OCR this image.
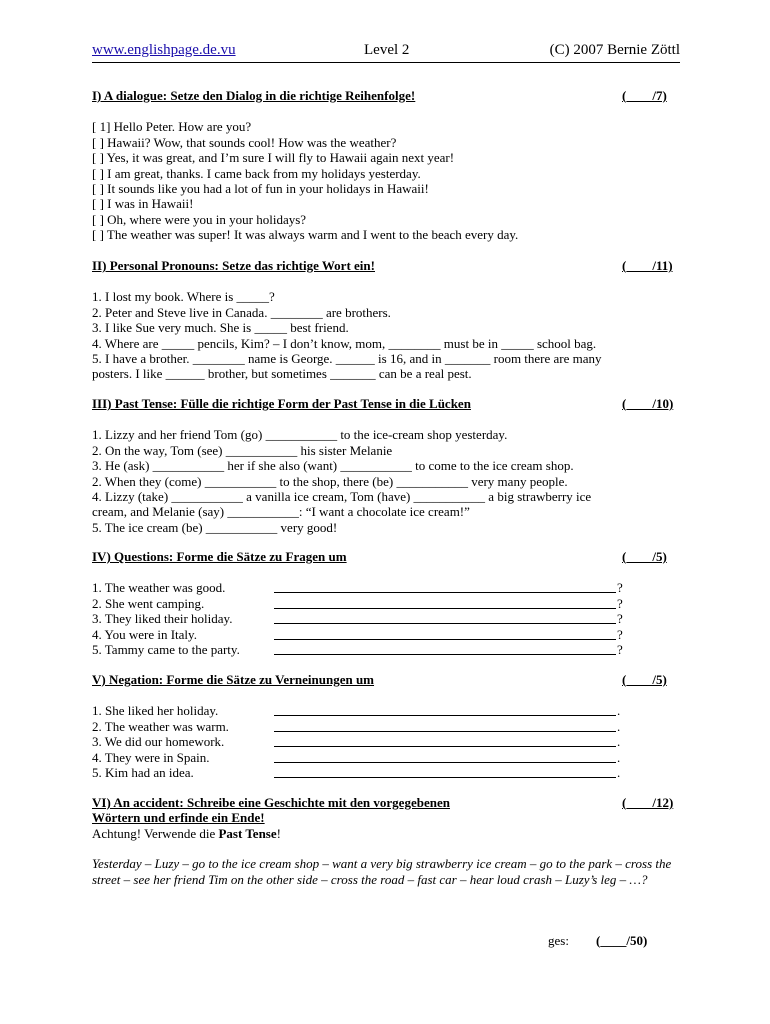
www.englishpage.de.vu	Level 2	(C) 2007 Bernie Zöttl
I) A dialogue: Setze den Dialog in die richtige Reihenfolge!	(____/7)
[ 1] Hello Peter. How are you?
[ ] Hawaii? Wow, that sounds cool! How was the weather?
[ ] Yes, it was great, and I’m sure I will fly to Hawaii again next year!
[ ] I am great, thanks. I came back from my holidays yesterday.
[ ] It sounds like you had a lot of fun in your holidays in Hawaii!
[ ] I was in Hawaii!
[ ] Oh, where were you in your holidays?
[ ] The weather was super! It was always warm and I went to the beach every day.
II) Personal Pronouns: Setze das richtige Wort ein!	(____/11)
1. I lost my book. Where is _____?
2. Peter and Steve live in Canada. ________ are brothers.
3. I like Sue very much. She is _____ best friend.
4. Where are _____ pencils, Kim? – I don’t know, mom, ________ must be in _____ school bag.
5. I have a brother. ________ name is George. ______ is 16, and in _______ room there are many
posters. I like ______ brother, but sometimes _______ can be a real pest.
III) Past Tense: Fülle die richtige Form der Past Tense in die Lücken	(____/10)
1. Lizzy and her friend Tom (go) ___________ to the ice-cream shop yesterday.
2. On the way, Tom (see) ___________ his sister Melanie
3. He (ask) ___________ her if she also (want) ___________ to come to the ice cream shop.
2. When they (come) ___________ to the shop, there (be) ___________ very many people.
4. Lizzy (take) ___________ a vanilla ice cream, Tom (have) ___________ a big strawberry ice
cream, and Melanie (say) ___________: “I want a chocolate ice cream!”
5. The ice cream (be) ___________ very good!
IV) Questions: Forme die Sätze zu Fragen um	(____/5)
1. The weather was good.	?
2. She went camping.	?
3. They liked their holiday.	?
4. You were in Italy.	?
5. Tammy came to the party.	?
V) Negation: Forme die Sätze zu Verneinungen um	(____/5)
1. She liked her holiday.	.
2. The weather was warm.	.
3. We did our homework.	.
4. They were in Spain.	.
5. Kim had an idea.	.
VI) An accident: Schreibe eine Geschichte mit den vorgegebenen	(____/12)
Wörtern und erfinde ein Ende!
Achtung! Verwende die Past Tense!
Yesterday – Luzy – go to the ice cream shop – want a very big strawberry ice cream – go to the park – cross the street – see her friend Tim on the other side – cross the road – fast car – hear loud crash – Luzy’s leg – …?
ges: (____/50)
